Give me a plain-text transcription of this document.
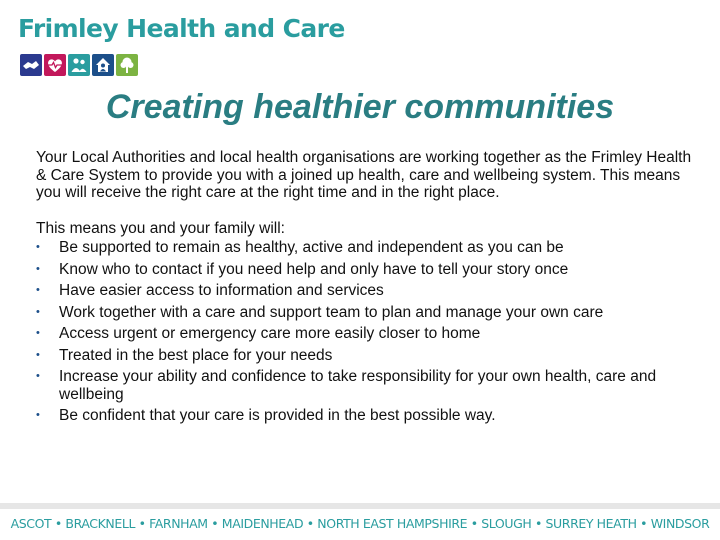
Frimley Health and Care
Creating healthier communities

Your Local Authorities and local health organisations are working together as the Frimley Health & Care System to provide you with a joined up health, care and wellbeing system. This means you will receive the right care at the right time and in the right place.

This means you and your family will:

• Be supported to remain as healthy, active and independent as you can be
• Know who to contact if you need help and only have to tell your story once
• Have easier access to information and services
• Work together with a care and support team to plan and manage your own care
• Access urgent or emergency care more easily closer to home
• Treated in the best place for your needs
• Increase your ability and confidence to take responsibility for your own health, care and wellbeing
• Be confident that your care is provided in the best possible way.
ASCOT • BRACKNELL • FARNHAM • MAIDENHEAD • NORTH EAST HAMPSHIRE • SLOUGH • SURREY HEATH • WINDSOR
